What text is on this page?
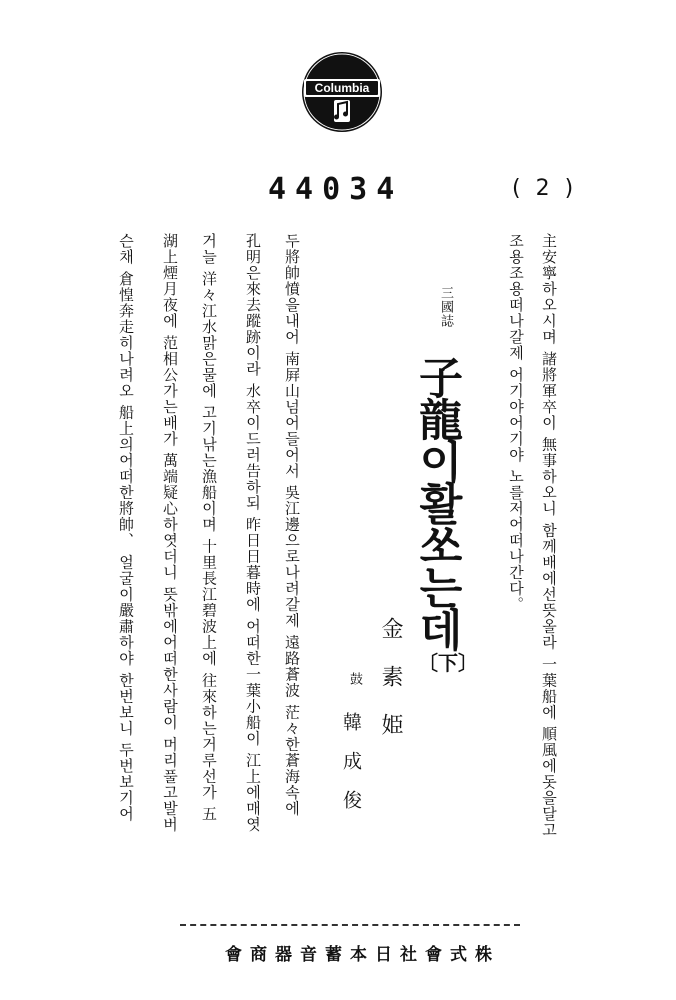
Columbia
44034	( 2 )
主安寧하오시며 諸將軍卒이 無事하오니 함께배에선뜻올라 一葉船에 順風에돗을달고
조용조용떠나갈제 어기야어기야 노를저어떠나간다。
三國誌
子龍이활쏘는데
〔下〕
金素姫
鼓
韓成俊
두將帥憤을내어 南屛山넘어들어서 吳江邊으로나려갈제 遠路蒼波 茫々한蒼海속에
孔明은來去蹤跡이라 水卒이드러告하되 昨日日暮時에 어떠한一葉小船이 江上에매엿
거늘 洋々江水맑은물에 고기낚는漁船이며 十里長江碧波上에 往來하는거루선가 五
湖上煙月夜에 范相公가는배가 萬端疑心하엿더니 뜻밖에어떠한사람이 머리풀고발버
슨채 倉惶奔走히나려오 船上의어떠한將帥、 얼굴이嚴肅하야 한번보니 두번보기어
會商器音蓄本日社會式株
